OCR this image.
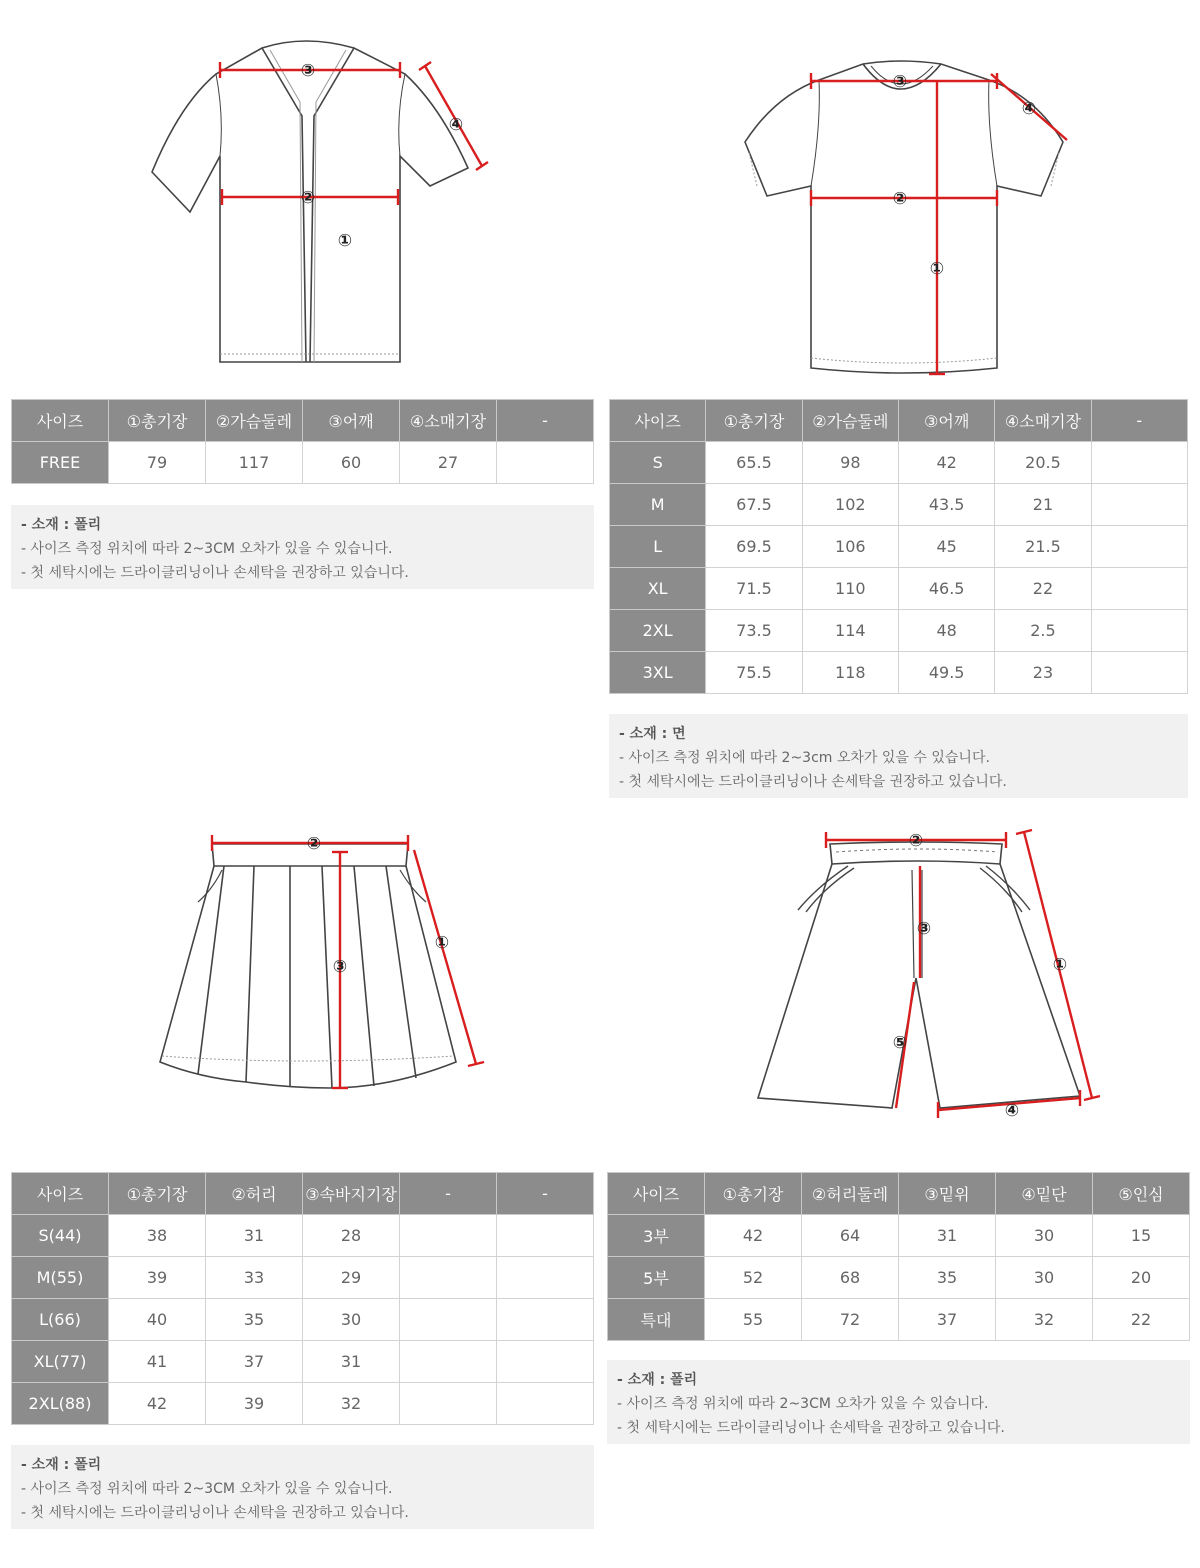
③
②
①
④
③
②
①
④
②
③
①
②
③
⑤
④
①
사이즈	①총기장	②가슴둘레	③어깨	④소매기장	-
FREE	79	117	60	27	
사이즈	①총기장	②가슴둘레	③어깨	④소매기장	-
S	65.5	98	42	20.5	
M	67.5	102	43.5	21	
L	69.5	106	45	21.5	
XL	71.5	110	46.5	22	
2XL	73.5	114	48	2.5	
3XL	75.5	118	49.5	23	
사이즈	①총기장	②허리	③속바지기장	-	-
S(44)	38	31	28		
M(55)	39	33	29		
L(66)	40	35	30		
XL(77)	41	37	31		
2XL(88)	42	39	32		
사이즈	①총기장	②허리둘레	③밑위	④밑단	⑤인심
3부	42	64	31	30	15
5부	52	68	35	30	20
특대	55	72	37	32	22
- 소재 : 폴리
- 사이즈 측정 위치에 따라 2~3CM 오차가 있을 수 있습니다.
- 첫 세탁시에는 드라이클리닝이나 손세탁을 권장하고 있습니다.
- 소재 : 면
- 사이즈 측정 위치에 따라 2~3cm 오차가 있을 수 있습니다.
- 첫 세탁시에는 드라이클리닝이나 손세탁을 권장하고 있습니다.
- 소재 : 폴리
- 사이즈 측정 위치에 따라 2~3CM 오차가 있을 수 있습니다.
- 첫 세탁시에는 드라이클리닝이나 손세탁을 권장하고 있습니다.
- 소재 : 폴리
- 사이즈 측정 위치에 따라 2~3CM 오차가 있을 수 있습니다.
- 첫 세탁시에는 드라이클리닝이나 손세탁을 권장하고 있습니다.
